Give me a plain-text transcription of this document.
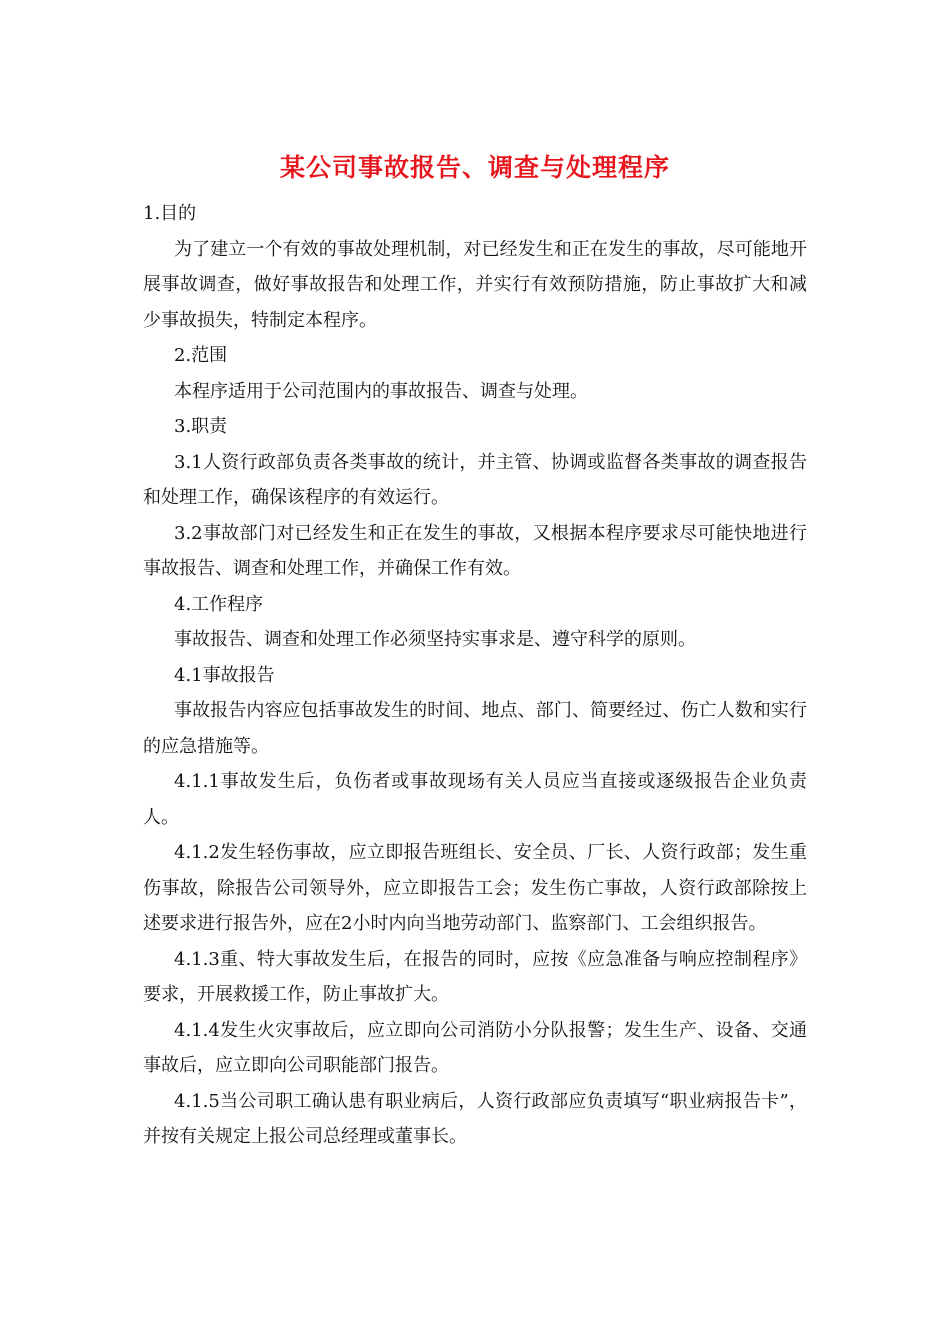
某公司事故报告、调查与处理程序

1.目的

为了建立一个有效的事故处理机制，对已经发生和正在发生的事故，尽可能地开展事故调查，做好事故报告和处理工作，并实行有效预防措施，防止事故扩大和减少事故损失，特制定本程序。

2.范围

本程序适用于公司范围内的事故报告、调查与处理。

3.职责

3.1人资行政部负责各类事故的统计，并主管、协调或监督各类事故的调查报告和处理工作，确保该程序的有效运行。

3.2事故部门对已经发生和正在发生的事故，又根据本程序要求尽可能快地进行事故报告、调查和处理工作，并确保工作有效。

4.工作程序

事故报告、调查和处理工作必须坚持实事求是、遵守科学的原则。

4.1事故报告

事故报告内容应包括事故发生的时间、地点、部门、简要经过、伤亡人数和实行的应急措施等。

4.1.1事故发生后，负伤者或事故现场有关人员应当直接或逐级报告企业负责人。

4.1.2发生轻伤事故，应立即报告班组长、安全员、厂长、人资行政部；发生重伤事故，除报告公司领导外，应立即报告工会；发生伤亡事故，人资行政部除按上述要求进行报告外，应在2小时内向当地劳动部门、监察部门、工会组织报告。

4.1.3重、特大事故发生后，在报告的同时，应按《应急准备与响应控制程序》要求，开展救援工作，防止事故扩大。

4.1.4发生火灾事故后，应立即向公司消防小分队报警；发生生产、设备、交通事故后，应立即向公司职能部门报告。

4.1.5当公司职工确认患有职业病后，人资行政部应负责填写“职业病报告卡”，并按有关规定上报公司总经理或董事长。
